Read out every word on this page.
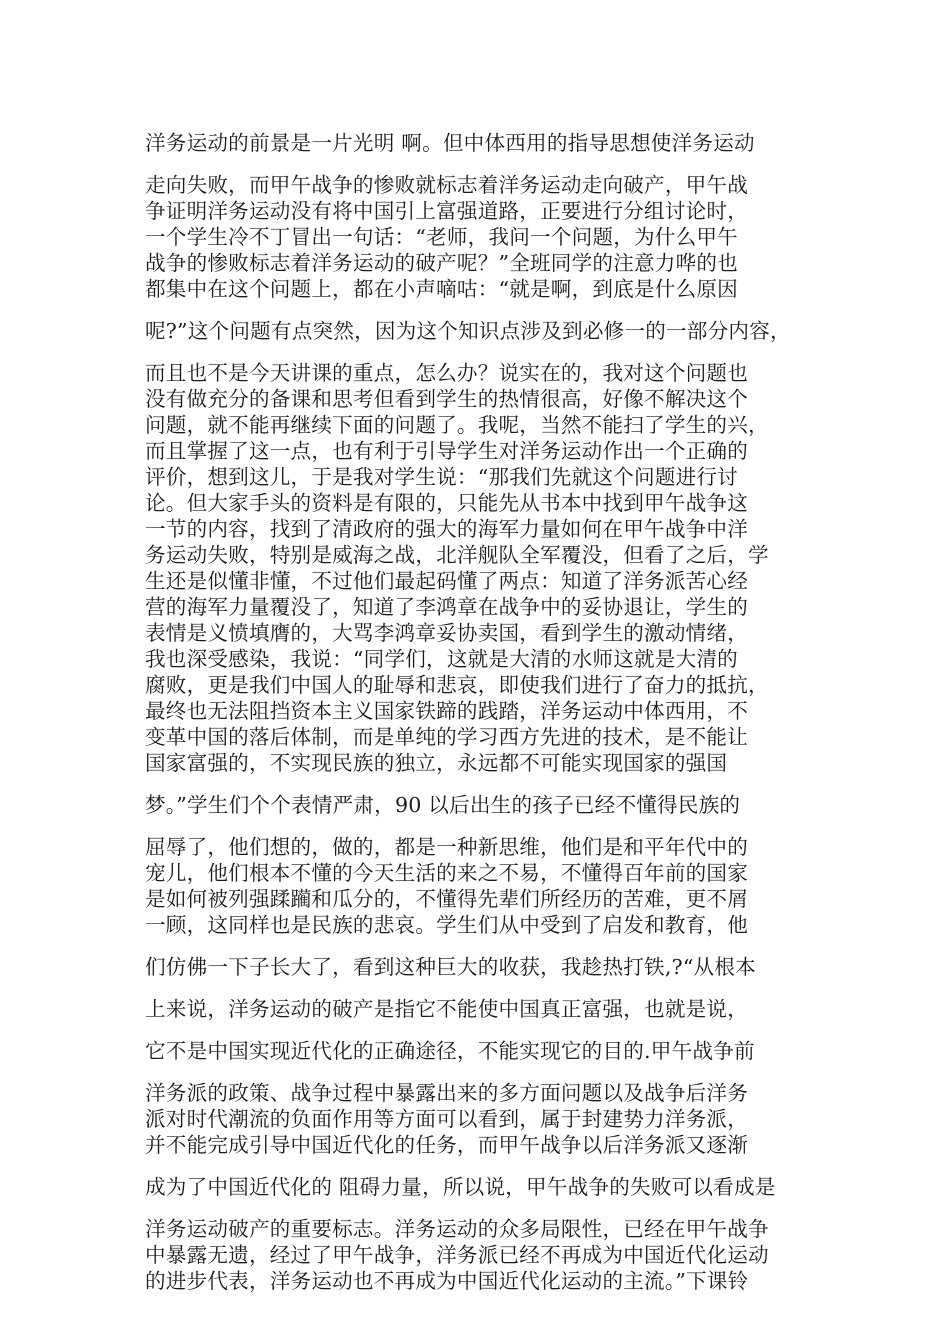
洋务运动的前景是一片光明 啊。但中体西用的指导思想使洋务运动
走向失败，而甲午战争的惨败就标志着洋务运动走向破产，甲午战
争证明洋务运动没有将中国引上富强道路，正要进行分组讨论时，
一个学生冷不丁冒出一句话：“老师，我问一个问题，为什么甲午
战争的惨败标志着洋务运动的破产呢？”全班同学的注意力哗的也
都集中在这个问题上，都在小声嘀咕：“就是啊，到底是什么原因
呢?”这个问题有点突然，因为这个知识点涉及到必修一的一部分内容，
而且也不是今天讲课的重点，怎么办？说实在的，我对这个问题也
没有做充分的备课和思考但看到学生的热情很高，好像不解决这个
问题，就不能再继续下面的问题了。我呢，当然不能扫了学生的兴，
而且掌握了这一点，也有利于引导学生对洋务运动作出一个正确的
评价，想到这儿，于是我对学生说：“那我们先就这个问题进行讨
论。但大家手头的资料是有限的，只能先从书本中找到甲午战争这
一节的内容，找到了清政府的强大的海军力量如何在甲午战争中洋
务运动失败，特别是威海之战，北洋舰队全军覆没，但看了之后，学
生还是似懂非懂，不过他们最起码懂了两点：知道了洋务派苦心经
营的海军力量覆没了，知道了李鸿章在战争中的妥协退让，学生的
表情是义愤填膺的，大骂李鸿章妥协卖国，看到学生的激动情绪，
我也深受感染，我说：“同学们，这就是大清的水师这就是大清的
腐败，更是我们中国人的耻辱和悲哀，即使我们进行了奋力的抵抗，
最终也无法阻挡资本主义国家铁蹄的践踏，洋务运动中体西用，不
变革中国的落后体制，而是单纯的学习西方先进的技术，是不能让
国家富强的，不实现民族的独立，永远都不可能实现国家的强国
梦。”学生们个个表情严肃，90 以后出生的孩子已经不懂得民族的
屈辱了，他们想的，做的，都是一种新思维，他们是和平年代中的
宠儿，他们根本不懂的今天生活的来之不易，不懂得百年前的国家
是如何被列强蹂躏和瓜分的，不懂得先辈们所经历的苦难，更不屑
一顾，这同样也是民族的悲哀。学生们从中受到了启发和教育，他
们仿佛一下子长大了，看到这种巨大的收获，我趁热打铁,?“从根本
上来说，洋务运动的破产是指它不能使中国真正富强，也就是说，
它不是中国实现近代化的正确途径，不能实现它的目的.甲午战争前
洋务派的政策、战争过程中暴露出来的多方面问题以及战争后洋务
派对时代潮流的负面作用等方面可以看到，属于封建势力洋务派，
并不能完成引导中国近代化的任务，而甲午战争以后洋务派又逐渐
成为了中国近代化的 阻碍力量，所以说，甲午战争的失败可以看成是
洋务运动破产的重要标志。洋务运动的众多局限性，已经在甲午战争
中暴露无遗，经过了甲午战争，洋务派已经不再成为中国近代化运动
的进步代表，洋务运动也不再成为中国近代化运动的主流。”下课铃
